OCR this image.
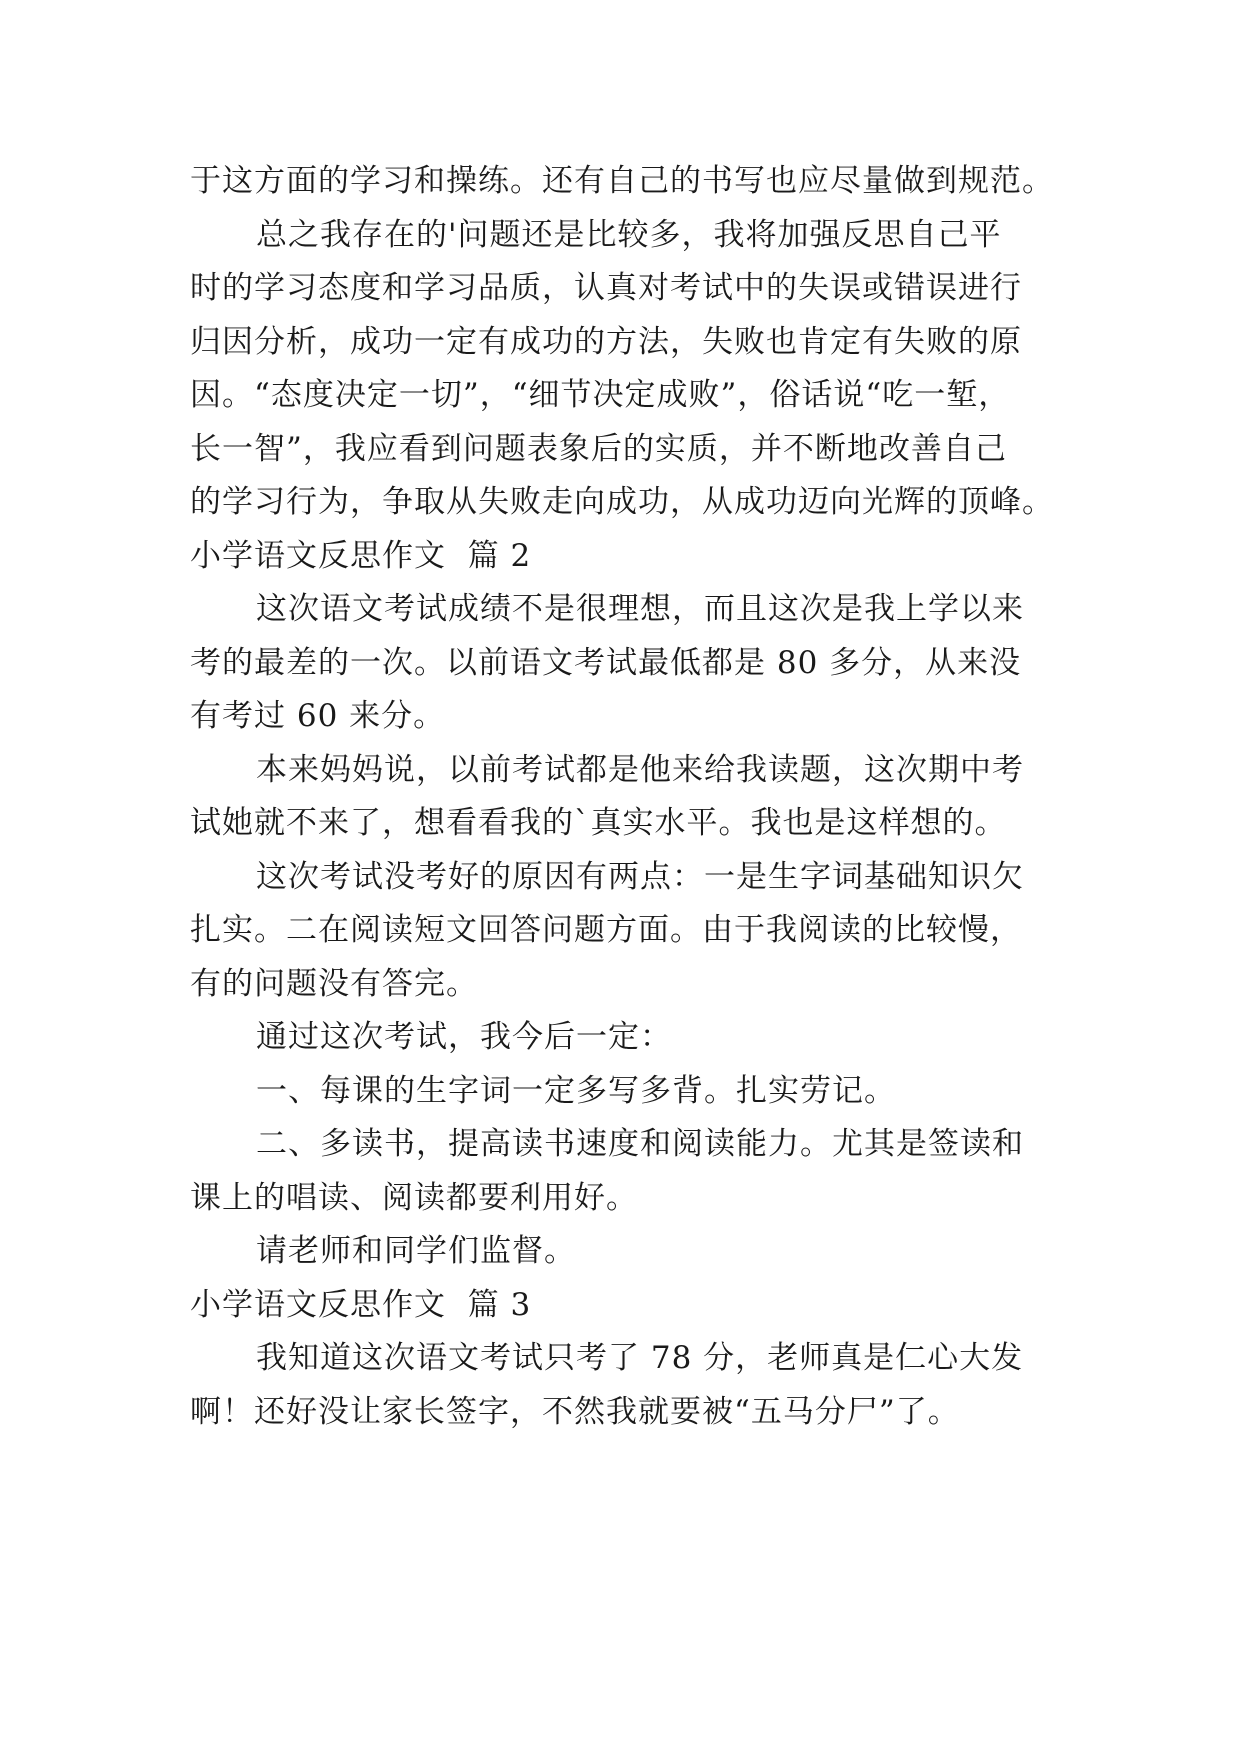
于这方面的学习和操练。还有自己的书写也应尽量做到规范。
总之我存在的'问题还是比较多，我将加强反思自己平
时的学习态度和学习品质，认真对考试中的失误或错误进行
归因分析，成功一定有成功的方法，失败也肯定有失败的原
因。“态度决定一切”，“细节决定成败”，俗话说“吃一堑，
长一智”，我应看到问题表象后的实质，并不断地改善自己
的学习行为，争取从失败走向成功，从成功迈向光辉的顶峰。
小学语文反思作文  篇 2
这次语文考试成绩不是很理想，而且这次是我上学以来
考的最差的一次。以前语文考试最低都是 80 多分，从来没
有考过 60 来分。
本来妈妈说，以前考试都是他来给我读题，这次期中考
试她就不来了，想看看我的`真实水平。我也是这样想的。
这次考试没考好的原因有两点：一是生字词基础知识欠
扎实。二在阅读短文回答问题方面。由于我阅读的比较慢，
有的问题没有答完。
通过这次考试，我今后一定：
一、每课的生字词一定多写多背。扎实劳记。
二、多读书，提高读书速度和阅读能力。尤其是签读和
课上的唱读、阅读都要利用好。
请老师和同学们监督。
小学语文反思作文  篇 3
我知道这次语文考试只考了 78 分，老师真是仁心大发
啊！还好没让家长签字，不然我就要被“五马分尸”了。
